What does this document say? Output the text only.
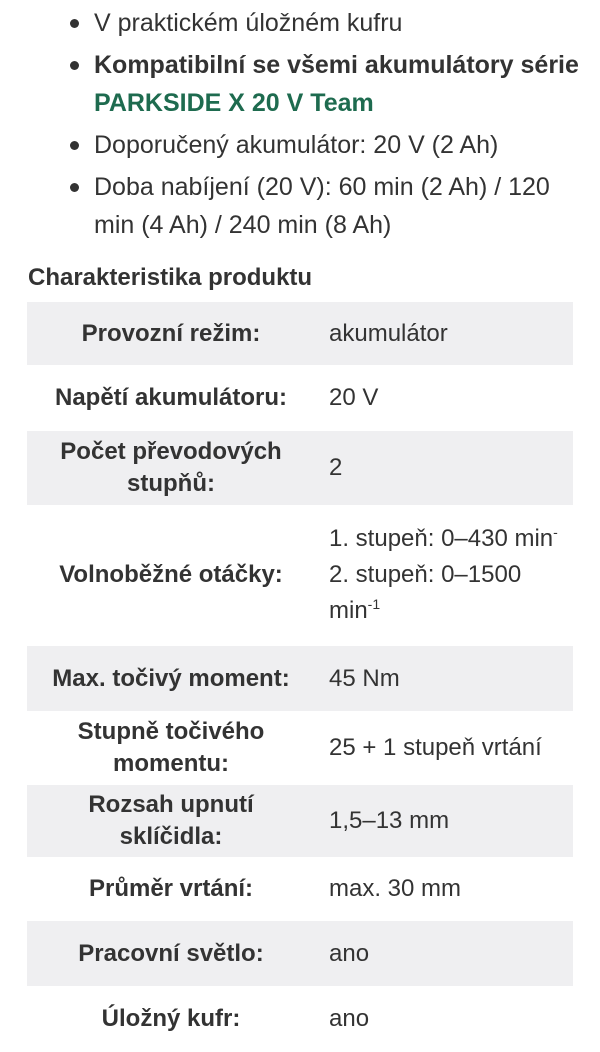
V praktickém úložném kufru
Kompatibilní se všemi akumulátory série PARKSIDE X 20 V Team
Doporučený akumulátor: 20 V (2 Ah)
Doba nabíjení (20 V): 60 min (2 Ah) / 120 min (4 Ah) / 240 min (8 Ah)
Charakteristika produktu
Provozní režim:	akumulátor
Napětí akumulátoru:	20 V
Počet převodových stupňů:	2
Volnoběžné otáčky:	1. stupeň: 0–430 min-
2. stupeň: 0–1500 $\min^{-1}$
Max. točivý moment:	45 Nm
Stupně točivého momentu:	25 + 1 stupeň vrtání
Rozsah upnutí sklíčidla:	1,5–13 mm
Průměr vrtání:	max. 30 mm
Pracovní světlo:	ano
Úložný kufr:	ano
